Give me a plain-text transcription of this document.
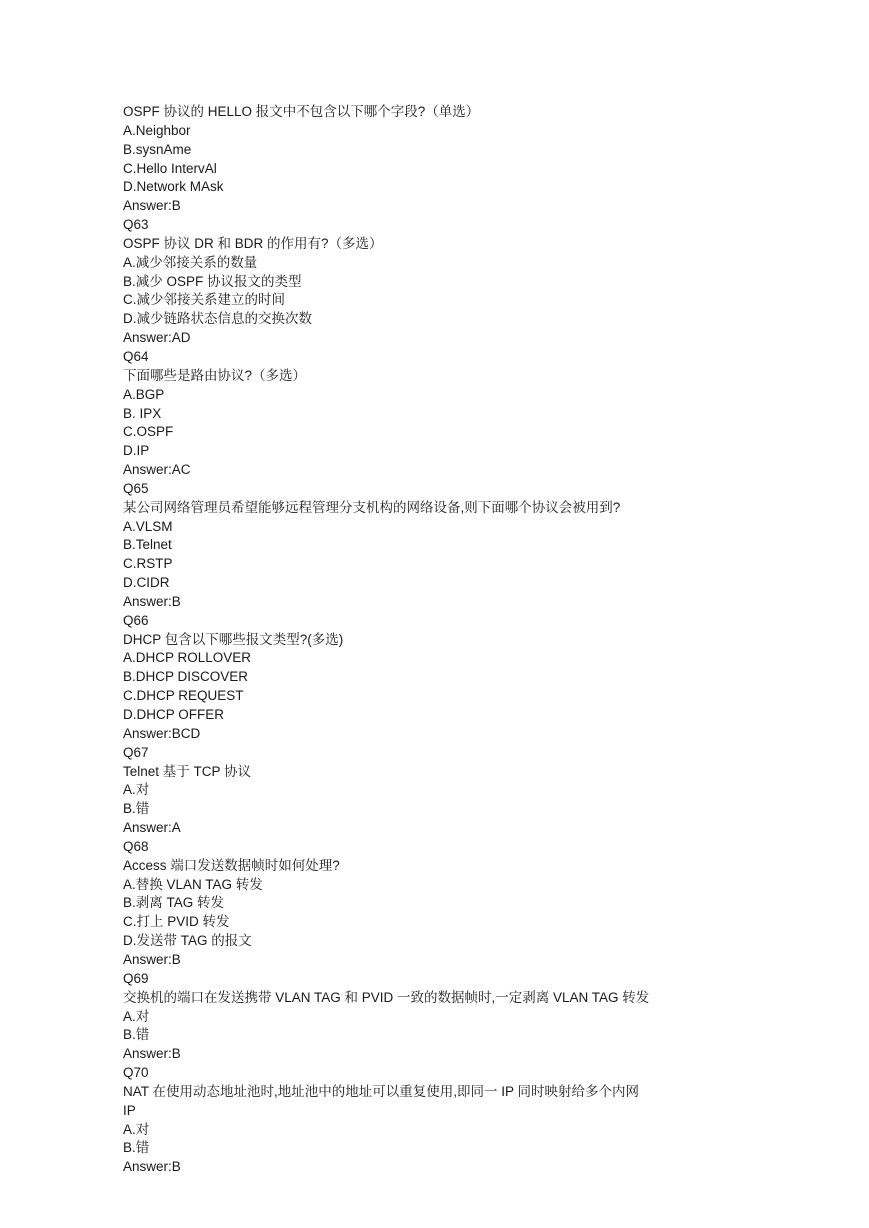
OSPF 协议的 HELLO 报文中不包含以下哪个字段?（单选）

A.Neighbor

B.sysnAme

C.Hello IntervAl

D.Network MAsk

Answer:B

Q63

OSPF 协议 DR 和 BDR 的作用有?（多选）

A.减少邻接关系的数量

B.减少 OSPF 协议报文的类型

C.减少邻接关系建立的时间

D.减少链路状态信息的交换次数

Answer:AD

Q64

下面哪些是路由协议?（多选）

A.BGP

B. IPX

C.OSPF

D.IP

Answer:AC

Q65

某公司网络管理员希望能够远程管理分支机构的网络设备,则下面哪个协议会被用到?

A.VLSM

B.Telnet

C.RSTP

D.CIDR

Answer:B

Q66

DHCP 包含以下哪些报文类型?(多选)

A.DHCP ROLLOVER

B.DHCP DISCOVER

C.DHCP REQUEST

D.DHCP OFFER

Answer:BCD

Q67

Telnet 基于 TCP 协议

A.对

B.错

Answer:A

Q68

Access 端口发送数据帧时如何处理?

A.替换 VLAN TAG 转发

B.剥离 TAG 转发

C.打上 PVID 转发

D.发送带 TAG 的报文

Answer:B

Q69

交换机的端口在发送携带 VLAN TAG 和 PVID 一致的数据帧时,一定剥离 VLAN TAG 转发

A.对

B.错

Answer:B

Q70

NAT 在使用动态地址池时,地址池中的地址可以重复使用,即同一 IP 同时映射给多个内网

IP

A.对

B.错

Answer:B
